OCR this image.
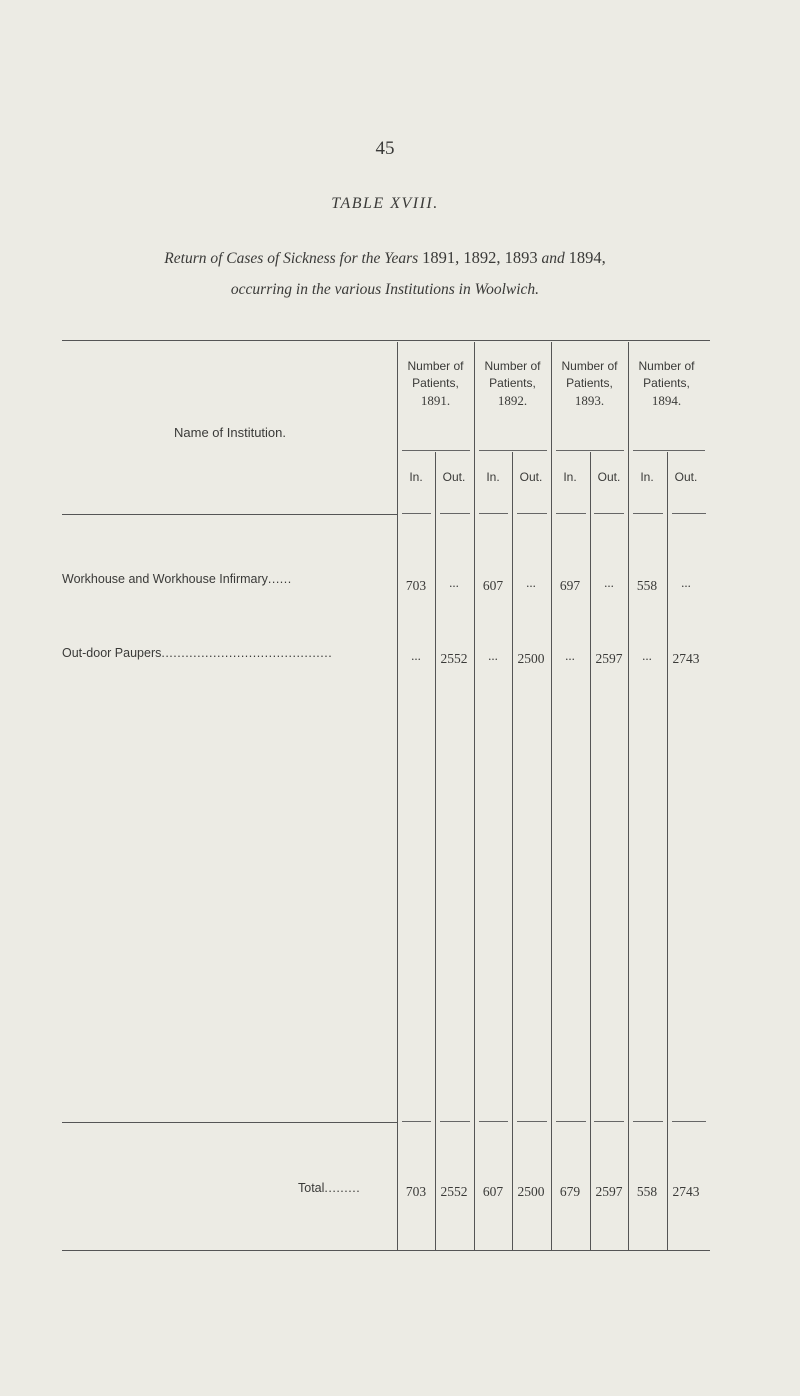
45
TABLE XVIII.
Return of Cases of Sickness for the Years 1891, 1892, 1893 and 1894,
occurring in the various Institutions in Woolwich.
Name of Institution.
Number of Patients,
1891.
Number of Patients,
1892.
Number of Patients,
1893.
Number of Patients,
1894.
In.	Out.	In.	Out.	In.	Out.	In.	Out.
Workhouse and Workhouse Infirmary......	703	...	607	...	697	...	558	...
Out-door Paupers...........................................	...	2552	...	2500	...	2597	...	2743
Total.........	703	2552	607	2500	679	2597	558	2743
